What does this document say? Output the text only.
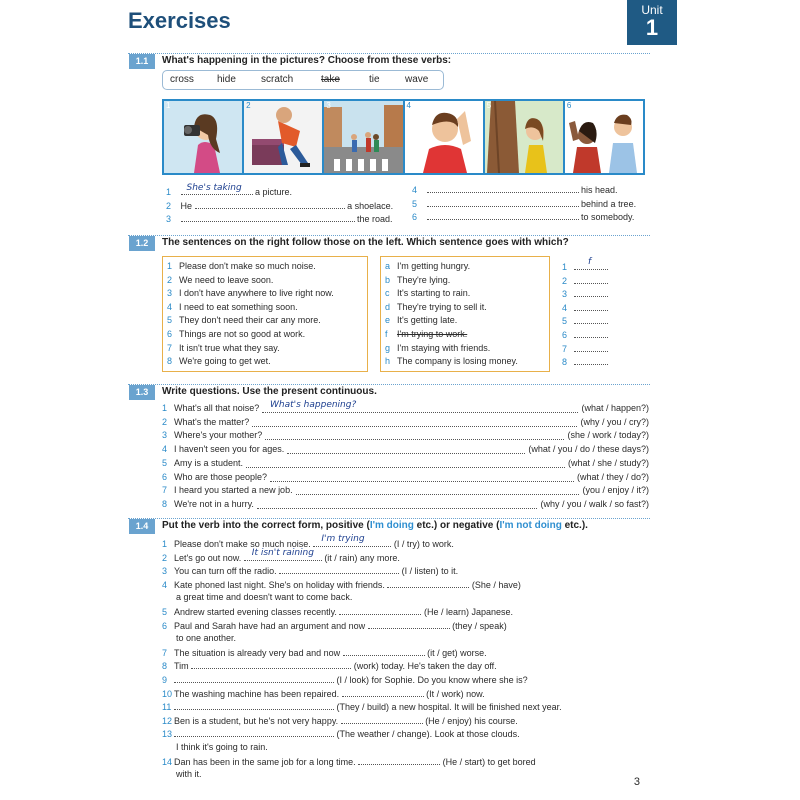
Exercises	Unit
1
1.1	What's happening in the pictures? Choose from these verbs:
cross hide	scratch	take	tie	wave
1	2	3	4	5	6
1 She's taking a picture.
2 He	a shoelace.
3	the road.
4	his head.
5	behind a tree.
6	to somebody.
1.2	The sentences on the right follow those on the left. Which sentence goes with which?
1 Please don't make so much noise.
2 We need to leave soon.
3 I don't have anywhere to live right now.
4 I need to eat something soon.
5 They don't need their car any more.
6 Things are not so good at work.
7 It isn't true what they say.
8 We're going to get wet.
a I'm getting hungry.
b They're lying.
c It's starting to rain.
d They're trying to sell it.
e It's getting late.
f I'm trying to work.
g I'm staying with friends.
h The company is losing money.
1 f
2
3
4
5
6
7
8
1.3	Write questions. Use the present continuous.
1 What's all that noise?	(what / happen?)
What's happening?
2 What's the matter?	(why / you / cry?)
3 Where's your mother?	(she / work / today?)
4 I haven't seen you for ages.	(what / you / do / these days?)
5 Amy is a student.	(what / she / study?)
6 Who are those people?	(what / they / do?)
7 I heard you started a new job.	(you / enjoy / it?)
8 We're not in a hurry.	(why / you / walk / so fast?)
1.4	Put the verb into the correct form, positive (I'm doing etc.) or negative (I'm not doing etc.).
1 Please don't make so much noise. I'm trying	(I / try) to work.
2 Let's go out now. It isn't raining (it / rain) any more.
3 You can turn off the radio.	(I / listen) to it.
4 Kate phoned last night. She's on holiday with friends.	(She / have)
a great time and doesn't want to come back.
5 Andrew started evening classes recently.	(He / learn) Japanese.
6 Paul and Sarah have had an argument and now	(they / speak)
to one another.
7 The situation is already very bad and now	(it / get) worse.
8 Tim	(work) today. He's taken the day off.
9	(I / look) for Sophie. Do you know where she is?
10 The washing machine has been repaired.	(It / work) now.
11	(They / build) a new hospital. It will be finished next year.
12 Ben is a student, but he's not very happy.	(He / enjoy) his course.
13	(The weather / change). Look at those clouds.
I think it's going to rain.
14 Dan has been in the same job for a long time.	(He / start) to get bored
with it.
3
